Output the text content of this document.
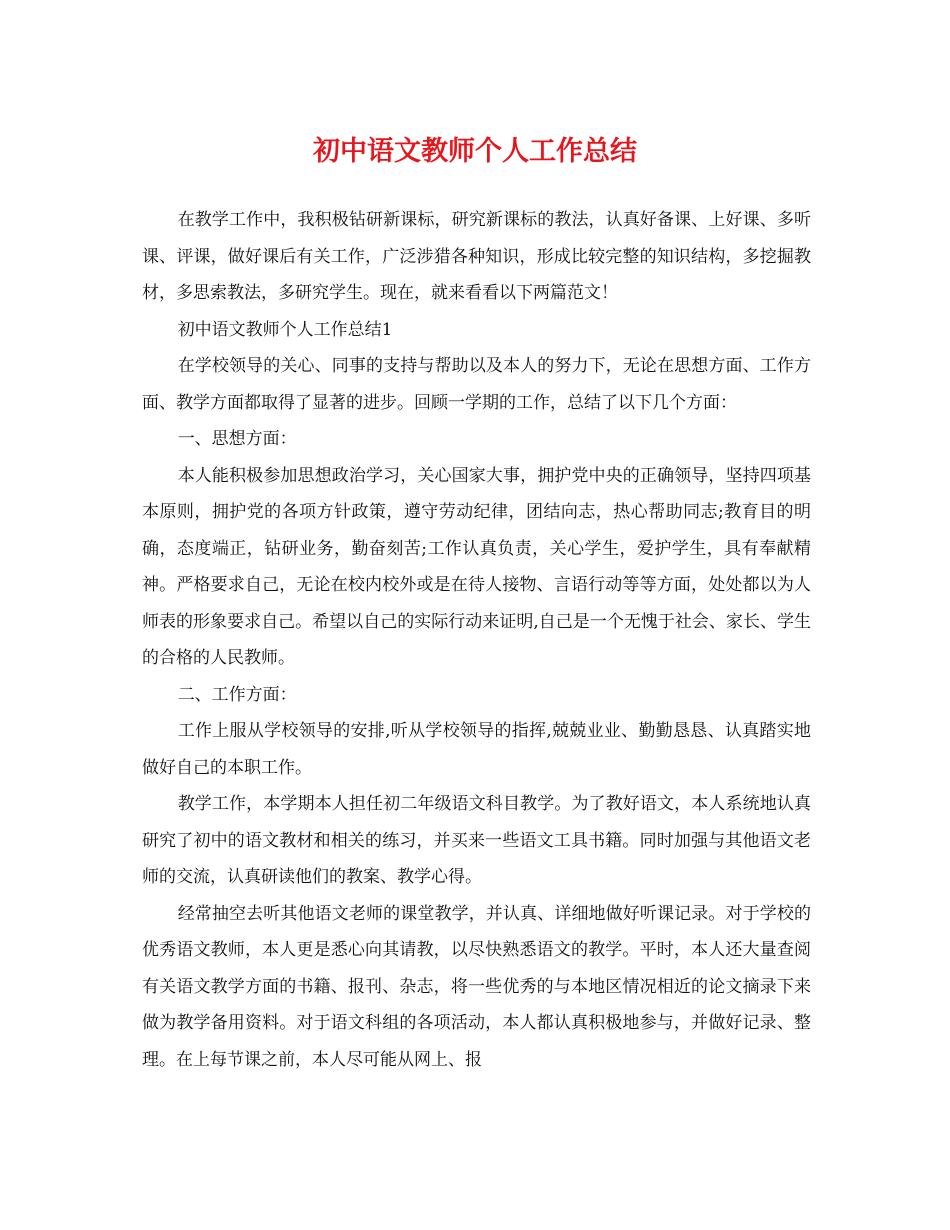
初中语文教师个人工作总结

在教学工作中，我积极钻研新课标，研究新课标的教法，认真好备课、上好课、多听课、评课，做好课后有关工作，广泛涉猎各种知识，形成比较完整的知识结构，多挖掘教材，多思索教法，多研究学生。现在，就来看看以下两篇范文！

初中语文教师个人工作总结1

在学校领导的关心、同事的支持与帮助以及本人的努力下，无论在思想方面、工作方面、教学方面都取得了显著的进步。回顾一学期的工作，总结了以下几个方面：

一、思想方面：

本人能积极参加思想政治学习，关心国家大事，拥护党中央的正确领导，坚持四项基本原则，拥护党的各项方针政策，遵守劳动纪律，团结向志，热心帮助同志;教育目的明确，态度端正，钻研业务，勤奋刻苦;工作认真负责，关心学生，爱护学生，具有奉献精神。严格要求自己，无论在校内校外或是在待人接物、言语行动等等方面，处处都以为人师表的形象要求自己。希望以自己的实际行动来证明,自己是一个无愧于社会、家长、学生的合格的人民教师。

二、工作方面：

工作上服从学校领导的安排,听从学校领导的指挥,兢兢业业、勤勤恳恳、认真踏实地做好自己的本职工作。

教学工作，本学期本人担任初二年级语文科目教学。为了教好语文，本人系统地认真研究了初中的语文教材和相关的练习，并买来一些语文工具书籍。同时加强与其他语文老师的交流，认真研读他们的教案、教学心得。

经常抽空去听其他语文老师的课堂教学，并认真、详细地做好听课记录。对于学校的优秀语文教师，本人更是悉心向其请教，以尽快熟悉语文的教学。平时，本人还大量查阅有关语文教学方面的书籍、报刊、杂志，将一些优秀的与本地区情况相近的论文摘录下来做为教学备用资料。对于语文科组的各项活动，本人都认真积极地参与，并做好记录、整理。在上每节课之前，本人尽可能从网上、报
